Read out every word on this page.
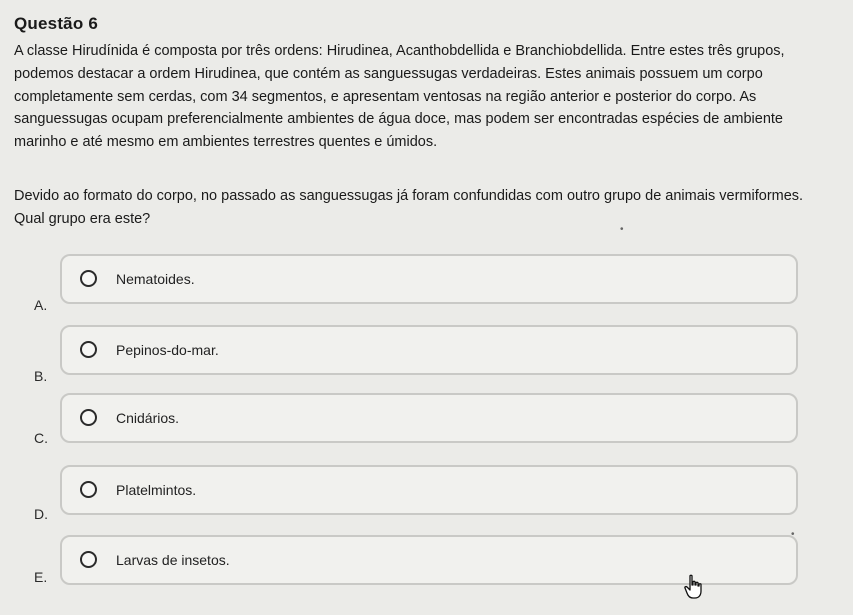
Questão 6
A classe Hirudínida é composta por três ordens: Hirudinea, Acanthobdellida e Branchiobdellida. Entre estes três grupos, podemos destacar a ordem Hirudinea, que contém as sanguessugas verdadeiras. Estes animais possuem um corpo completamente sem cerdas, com 34 segmentos, e apresentam ventosas na região anterior e posterior do corpo. As sanguessugas ocupam preferencialmente ambientes de água doce, mas podem ser encontradas espécies de ambiente marinho e até mesmo em ambientes terrestres quentes e úmidos.
Devido ao formato do corpo, no passado as sanguessugas já foram confundidas com outro grupo de animais vermiformes. Qual grupo era este?
A.
Nematoides.
B.
Pepinos-do-mar.
C.
Cnidários.
D.
Platelmintos.
E.
Larvas de insetos.
•
•
